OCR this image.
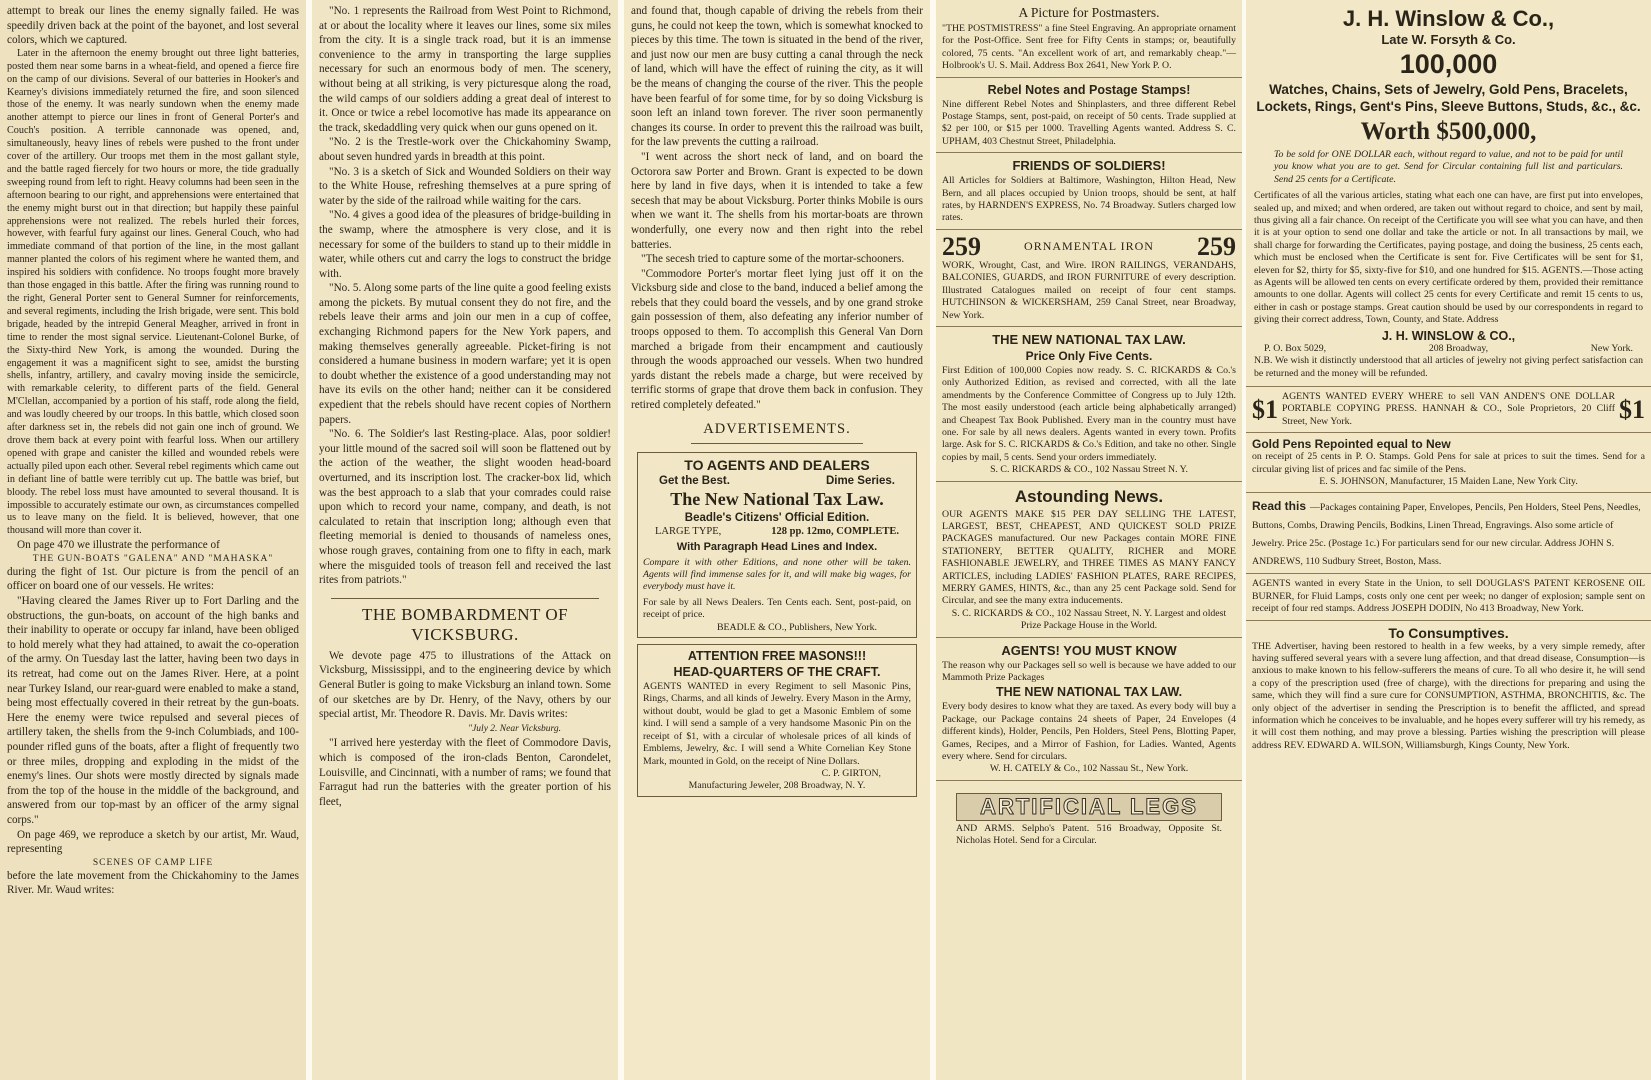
attempt to break our lines the enemy signally failed. He was speedily driven back at the point of the bayonet, and lost several colors, which we captured.

Later in the afternoon the enemy brought out three light batteries, posted them near some barns in a wheat-field, and opened a fierce fire on the camp of our divisions. Several of our batteries in Hooker's and Kearney's divisions immediately returned the fire, and soon silenced those of the enemy. It was nearly sundown when the enemy made another attempt to pierce our lines in front of General Porter's and Couch's position. A terrible cannonade was opened, and, simultaneously, heavy lines of rebels were pushed to the front under cover of the artillery. Our troops met them in the most gallant style, and the battle raged fiercely for two hours or more, the tide gradually sweeping round from left to right. Heavy columns had been seen in the afternoon bearing to our right, and apprehensions were entertained that the enemy might burst out in that direction; but happily these painful apprehensions were not realized. The rebels hurled their forces, however, with fearful fury against our lines. General Couch, who had immediate command of that portion of the line, in the most gallant manner planted the colors of his regiment where he wanted them, and inspired his soldiers with confidence. No troops fought more bravely than those engaged in this battle. After the firing was running round to the right, General Porter sent to General Sumner for reinforcements, and several regiments, including the Irish brigade, were sent. This bold brigade, headed by the intrepid General Meagher, arrived in front in time to render the most signal service. Lieutenant-Colonel Burke, of the Sixty-third New York, is among the wounded. During the engagement it was a magnificent sight to see, amidst the bursting shells, infantry, artillery, and cavalry moving inside the semicircle, with remarkable celerity, to different parts of the field. General M'Clellan, accompanied by a portion of his staff, rode along the field, and was loudly cheered by our troops. In this battle, which closed soon after darkness set in, the rebels did not gain one inch of ground. We drove them back at every point with fearful loss. When our artillery opened with grape and canister the killed and wounded rebels were actually piled upon each other. Several rebel regiments which came out in defiant line of battle were terribly cut up. The battle was brief, but bloody. The rebel loss must have amounted to several thousand. It is impossible to accurately estimate our own, as circumstances compelled us to leave many on the field. It is believed, however, that one thousand will more than cover it.

On page 470 we illustrate the performance of

THE GUN-BOATS "GALENA" AND "MAHASKA"

during the fight of 1st. Our picture is from the pencil of an officer on board one of our vessels. He writes:

"Having cleared the James River up to Fort Darling and the obstructions, the gun-boats, on account of the high banks and their inability to operate or occupy far inland, have been obliged to hold merely what they had attained, to await the co-operation of the army. On Tuesday last the latter, having been two days in its retreat, had come out on the James River. Here, at a point near Turkey Island, our rear-guard were enabled to make a stand, being most effectually covered in their retreat by the gun-boats. Here the enemy were twice repulsed and several pieces of artillery taken, the shells from the 9-inch Columbiads, and 100-pounder rifled guns of the boats, after a flight of frequently two or three miles, dropping and exploding in the midst of the enemy's lines. Our shots were mostly directed by signals made from the top of the house in the middle of the background, and answered from our top-mast by an officer of the army signal corps."

On page 469, we reproduce a sketch by our artist, Mr. Waud, representing

SCENES OF CAMP LIFE

before the late movement from the Chickahominy to the James River. Mr. Waud writes:

"No. 1 represents the Railroad from West Point to Richmond, at or about the locality where it leaves our lines, some six miles from the city. It is a single track road, but it is an immense convenience to the army in transporting the large supplies necessary for such an enormous body of men. The scenery, without being at all striking, is very picturesque along the road, the wild camps of our soldiers adding a great deal of interest to it. Once or twice a rebel locomotive has made its appearance on the track, skedaddling very quick when our guns opened on it.

"No. 2 is the Trestle-work over the Chickahominy Swamp, about seven hundred yards in breadth at this point.

"No. 3 is a sketch of Sick and Wounded Soldiers on their way to the White House, refreshing themselves at a pure spring of water by the side of the railroad while waiting for the cars.

"No. 4 gives a good idea of the pleasures of bridge-building in the swamp, where the atmosphere is very close, and it is necessary for some of the builders to stand up to their middle in water, while others cut and carry the logs to construct the bridge with.

"No. 5. Along some parts of the line quite a good feeling exists among the pickets. By mutual consent they do not fire, and the rebels leave their arms and join our men in a cup of coffee, exchanging Richmond papers for the New York papers, and making themselves generally agreeable. Picket-firing is not considered a humane business in modern warfare; yet it is open to doubt whether the existence of a good understanding may not have its evils on the other hand; neither can it be considered expedient that the rebels should have recent copies of Northern papers.

"No. 6. The Soldier's last Resting-place. Alas, poor soldier! your little mound of the sacred soil will soon be flattened out by the action of the weather, the slight wooden head-board overturned, and its inscription lost. The cracker-box lid, which was the best approach to a slab that your comrades could raise upon which to record your name, company, and death, is not calculated to retain that inscription long; although even that fleeting memorial is denied to thousands of nameless ones, whose rough graves, containing from one to fifty in each, mark where the misguided tools of treason fell and received the last rites from patriots."

THE BOMBARDMENT OF VICKSBURG.

We devote page 475 to illustrations of the Attack on Vicksburg, Mississippi, and to the engineering device by which General Butler is going to make Vicksburg an inland town. Some of our sketches are by Dr. Henry, of the Navy, others by our special artist, Mr. Theodore R. Davis. Mr. Davis writes:

"July 2. Near Vicksburg.

"I arrived here yesterday with the fleet of Commodore Davis, which is composed of the iron-clads Benton, Carondelet, Louisville, and Cincinnati, with a number of rams; we found that Farragut had run the batteries with the greater portion of his fleet,

and found that, though capable of driving the rebels from their guns, he could not keep the town, which is somewhat knocked to pieces by this time. The town is situated in the bend of the river, and just now our men are busy cutting a canal through the neck of land, which will have the effect of ruining the city, as it will be the means of changing the course of the river. This the people have been fearful of for some time, for by so doing Vicksburg is soon left an inland town forever. The river soon permanently changes its course. In order to prevent this the railroad was built, for the law prevents the cutting a railroad.

"I went across the short neck of land, and on board the Octorora saw Porter and Brown. Grant is expected to be down here by land in five days, when it is intended to take a few secesh that may be about Vicksburg. Porter thinks Mobile is ours when we want it. The shells from his mortar-boats are thrown wonderfully, one every now and then right into the rebel batteries.

"The secesh tried to capture some of the mortar-schooners.

"Commodore Porter's mortar fleet lying just off it on the Vicksburg side and close to the band, induced a belief among the rebels that they could board the vessels, and by one grand stroke gain possession of them, also defeating any inferior number of troops opposed to them. To accomplish this General Van Dorn marched a brigade from their encampment and cautiously through the woods approached our vessels. When two hundred yards distant the rebels made a charge, but were received by terrific storms of grape that drove them back in confusion. They retired completely defeated."

ADVERTISEMENTS.
TO AGENTS AND DEALERS
Get the Best.	Dime Series.
The New National Tax Law.
Beadle's Citizens' Official Edition.
LARGE TYPE,	128 pp. 12mo, COMPLETE.
With Paragraph Head Lines and Index.

Compare it with other Editions, and none other will be taken. Agents will find immense sales for it, and will make big wages, for everybody must have it.

For sale by all News Dealers. Ten Cents each. Sent, post-paid, on receipt of price.

BEADLE & CO., Publishers, New York.

ATTENTION FREE MASONS!!!
HEAD-QUARTERS OF THE CRAFT.

AGENTS WANTED in every Regiment to sell Masonic Pins, Rings, Charms, and all kinds of Jewelry. Every Mason in the Army, without doubt, would be glad to get a Masonic Emblem of some kind. I will send a sample of a very handsome Masonic Pin on the receipt of $1, with a circular of wholesale prices of all kinds of Emblems, Jewelry, &c. I will send a White Cornelian Key Stone Mark, mounted in Gold, on the receipt of Nine Dollars.

C. P. GIRTON,

Manufacturing Jeweler, 208 Broadway, N. Y.

A Picture for Postmasters.

"THE POSTMISTRESS" a fine Steel Engraving. An appropriate ornament for the Post-Office. Sent free for Fifty Cents in stamps; or, beautifully colored, 75 cents. "An excellent work of art, and remarkably cheap."—Holbrook's U. S. Mail. Address Box 2641, New York P. O.

Rebel Notes and Postage Stamps!

Nine different Rebel Notes and Shinplasters, and three different Rebel Postage Stamps, sent, post-paid, on receipt of 50 cents. Trade supplied at $2 per 100, or $15 per 1000. Travelling Agents wanted. Address S. C. UPHAM, 403 Chestnut Street, Philadelphia.

FRIENDS OF SOLDIERS!

All Articles for Soldiers at Baltimore, Washington, Hilton Head, New Bern, and all places occupied by Union troops, should be sent, at half rates, by HARNDEN'S EXPRESS, No. 74 Broadway. Sutlers charged low rates.

259	ORNAMENTAL IRON 259

WORK, Wrought, Cast, and Wire. IRON RAILINGS, VERANDAHS, BALCONIES, GUARDS, and IRON FURNITURE of every description. Illustrated Catalogues mailed on receipt of four cent stamps. HUTCHINSON & WICKERSHAM, 259 Canal Street, near Broadway, New York.

THE NEW NATIONAL TAX LAW.
Price Only Five Cents.

First Edition of 100,000 Copies now ready. S. C. RICKARDS & Co.'s only Authorized Edition, as revised and corrected, with all the late amendments by the Conference Committee of Congress up to July 12th. The most easily understood (each article being alphabetically arranged) and Cheapest Tax Book Published. Every man in the country must have one. For sale by all news dealers. Agents wanted in every town. Profits large. Ask for S. C. RICKARDS & Co.'s Edition, and take no other. Single copies by mail, 5 cents. Send your orders immediately.

S. C. RICKARDS & CO., 102 Nassau Street N. Y.

Astounding News.

OUR AGENTS MAKE $15 PER DAY SELLING THE LATEST, LARGEST, BEST, CHEAPEST, AND QUICKEST SOLD PRIZE PACKAGES manufactured. Our new Packages contain MORE FINE STATIONERY, BETTER QUALITY, RICHER and MORE FASHIONABLE JEWELRY, and THREE TIMES AS MANY FANCY ARTICLES, including LADIES' FASHION PLATES, RARE RECIPES, MERRY GAMES, HINTS, &c., than any 25 cent Package sold. Send for Circular, and see the many extra inducements.

S. C. RICKARDS & CO., 102 Nassau Street, N. Y. Largest and oldest Prize Package House in the World.

AGENTS! YOU MUST KNOW

The reason why our Packages sell so well is because we have added to our Mammoth Prize Packages

THE NEW NATIONAL TAX LAW.

Every body desires to know what they are taxed. As every body will buy a Package, our Package contains 24 sheets of Paper, 24 Envelopes (4 different kinds), Holder, Pencils, Pen Holders, Steel Pens, Blotting Paper, Games, Recipes, and a Mirror of Fashion, for Ladies. Wanted, Agents every where. Send for circulars.

W. H. CATELY & Co., 102 Nassau St., New York.

ARTIFICIAL LEGS

AND ARMS. Selpho's Patent. 516 Broadway, Opposite St. Nicholas Hotel. Send for a Circular.

J. H. Winslow & Co.,
Late W. Forsyth & Co.
100,000

Watches, Chains, Sets of Jewelry, Gold Pens, Bracelets, Lockets, Rings, Gent's Pins, Sleeve Buttons, Studs, &c., &c.

Worth $500,000,

To be sold for ONE DOLLAR each, without regard to value, and not to be paid for until you know what you are to get. Send for Circular containing full list and particulars. Send 25 cents for a Certificate.

Certificates of all the various articles, stating what each one can have, are first put into envelopes, sealed up, and mixed; and when ordered, are taken out without regard to choice, and sent by mail, thus giving all a fair chance. On receipt of the Certificate you will see what you can have, and then it is at your option to send one dollar and take the article or not. In all transactions by mail, we shall charge for forwarding the Certificates, paying postage, and doing the business, 25 cents each, which must be enclosed when the Certificate is sent for. Five Certificates will be sent for $1, eleven for $2, thirty for $5, sixty-five for $10, and one hundred for $15. AGENTS.—Those acting as Agents will be allowed ten cents on every certificate ordered by them, provided their remittance amounts to one dollar. Agents will collect 25 cents for every Certificate and remit 15 cents to us, either in cash or postage stamps. Great caution should be used by our correspondents in regard to giving their correct address, Town, County, and State. Address

J. H. WINSLOW & CO.,
P. O. Box 5029,	208 Broadway,	New York.

N.B. We wish it distinctly understood that all articles of jewelry not giving perfect satisfaction can be returned and the money will be refunded.

$1 AGENTS WANTED EVERY WHERE to sell VAN ANDEN'S ONE DOLLAR PORTABLE COPYING PRESS. HANNAH & CO., Sole Proprietors, 20 Cliff Street, New York.	$1
Gold Pens Repointed equal to New

on receipt of 25 cents in P. O. Stamps. Gold Pens for sale at prices to suit the times. Send for a circular giving list of prices and fac simile of the Pens.

E. S. JOHNSON, Manufacturer, 15 Maiden Lane, New York City.

Read this —Packages containing Paper, Envelopes, Pencils, Pen Holders, Steel Pens, Needles, Buttons, Combs, Drawing Pencils, Bodkins, Linen Thread, Engravings. Also some article of Jewelry. Price 25c. (Postage 1c.) For particulars send for our new circular. Address JOHN S. ANDREWS, 110 Sudbury Street, Boston, Mass.

AGENTS wanted in every State in the Union, to sell DOUGLAS'S PATENT KEROSENE OIL BURNER, for Fluid Lamps, costs only one cent per week; no danger of explosion; sample sent on receipt of four red stamps. Address JOSEPH DODIN, No 413 Broadway, New York.

To Consumptives.

THE Advertiser, having been restored to health in a few weeks, by a very simple remedy, after having suffered several years with a severe lung affection, and that dread disease, Consumption—is anxious to make known to his fellow-sufferers the means of cure. To all who desire it, he will send a copy of the prescription used (free of charge), with the directions for preparing and using the same, which they will find a sure cure for CONSUMPTION, ASTHMA, BRONCHITIS, &c. The only object of the advertiser in sending the Prescription is to benefit the afflicted, and spread information which he conceives to be invaluable, and he hopes every sufferer will try his remedy, as it will cost them nothing, and may prove a blessing. Parties wishing the prescription will please address REV. EDWARD A. WILSON, Williamsburgh, Kings County, New York.
